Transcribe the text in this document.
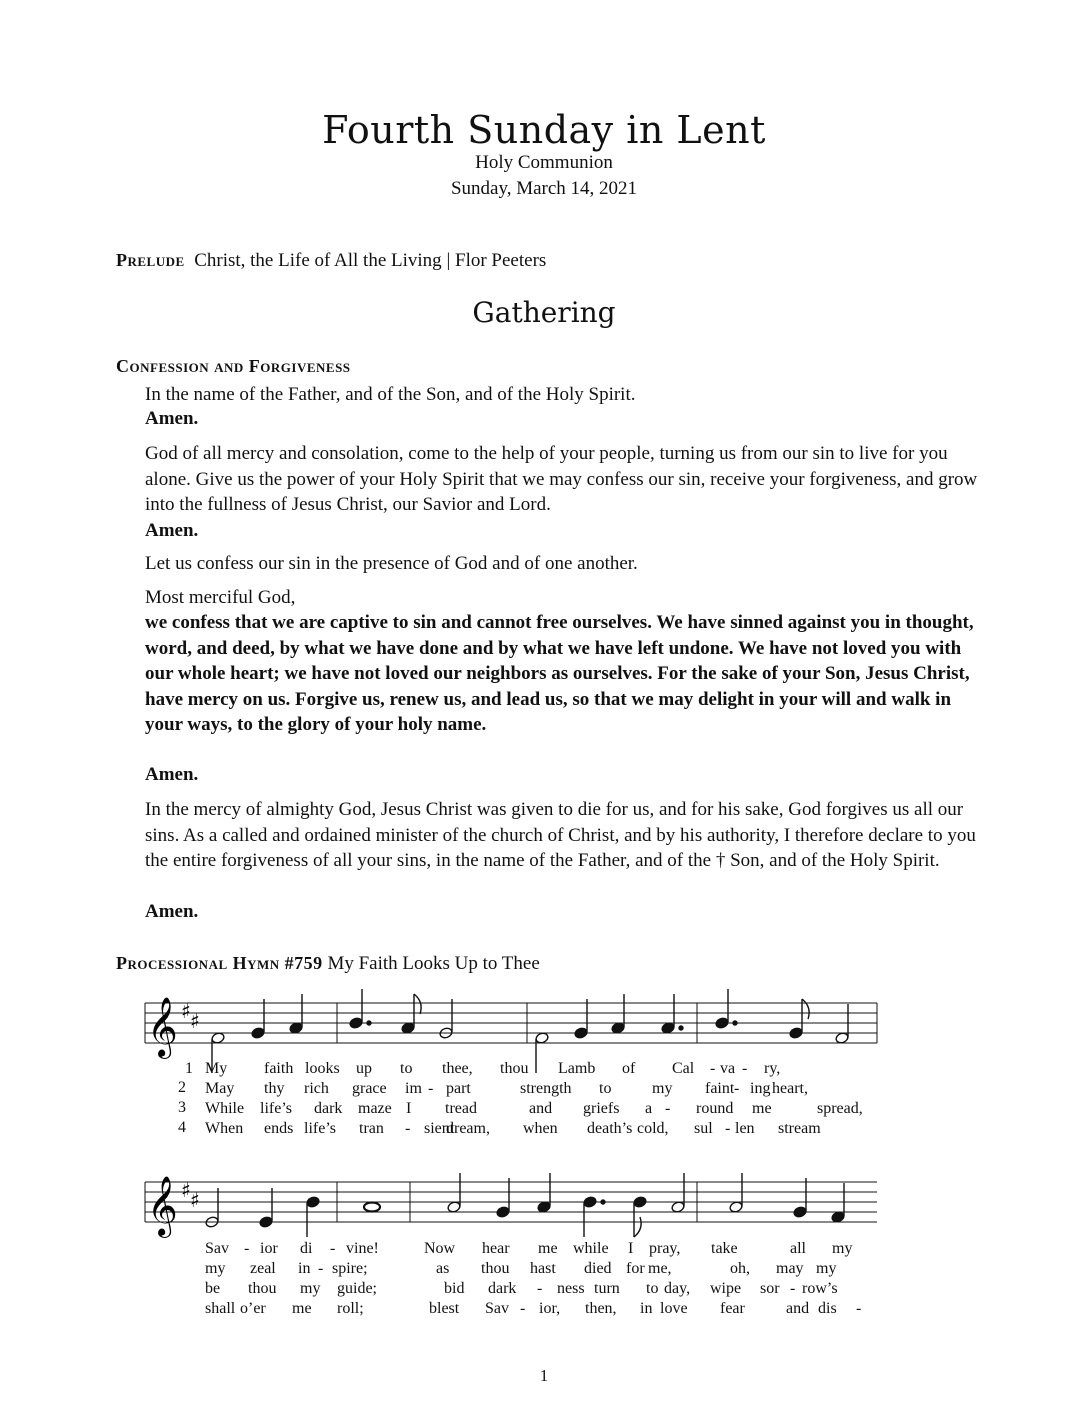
Fourth Sunday in Lent
Holy Communion
Sunday, March 14, 2021
Prelude Christ, the Life of All the Living | Flor Peeters
Gathering
Confession and Forgiveness
In the name of the Father, and of the Son, and of the Holy Spirit.
Amen.
God of all mercy and consolation, come to the help of your people, turning us from our sin to live for you alone. Give us the power of your Holy Spirit that we may confess our sin, receive your forgiveness, and grow into the fullness of Jesus Christ, our Savior and Lord.
Amen.
Let us confess our sin in the presence of God and of one another.
Most merciful God,
we confess that we are captive to sin and cannot free ourselves. We have sinned against you in thought, word, and deed, by what we have done and by what we have left undone. We have not loved you with our whole heart; we have not loved our neighbors as ourselves. For the sake of your Son, Jesus Christ, have mercy on us. Forgive us, renew us, and lead us, so that we may delight in your will and walk in your ways, to the glory of your holy name.
Amen.
In the mercy of almighty God, Jesus Christ was given to die for us, and for his sake, God forgives us all our sins. As a called and ordained minister of the church of Christ, and by his authority, I therefore declare to you the entire forgiveness of all your sins, in the name of the Father, and of the † Son, and of the Holy Spirit.
Amen.
Processional Hymn #759 My Faith Looks Up to Thee
𝄞 ♯ ♯
1
2
3
4
My faith looks up to thee, thou Lamb of Cal - va - ry,
May thy rich grace im - part	strength to	my faint - ing heart,
While life’s dark maze I tread	and griefs a - round me	spread,
When ends life’s tran - sient
dream, when death’s cold, sul - len stream
𝄞 ♯ ♯
Sav - ior di - vine!	Now hear me while I pray, take	all my
my zeal in - spire;	as thou hast died for me,	oh, may my
be thou my guide;	bid dark - ness turn to day, wipe sor - row’s
shall o’er me roll;	blest Sav - ior, then, in love fear	and dis -
1
